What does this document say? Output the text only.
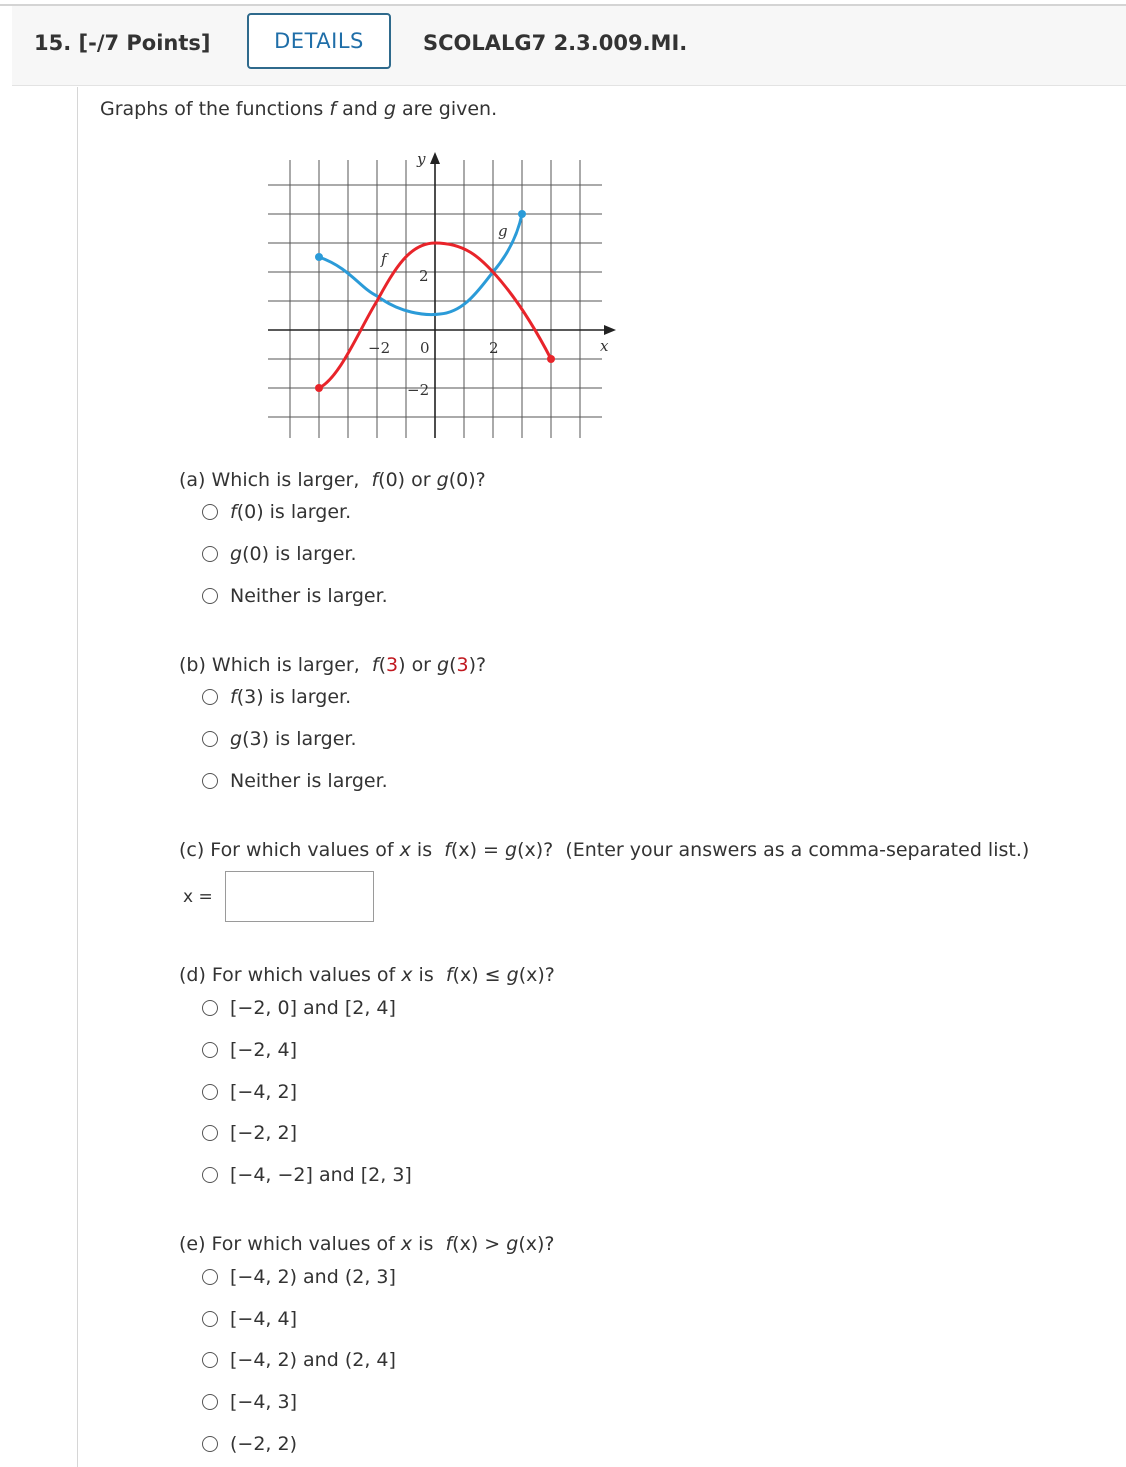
15. [-/7 Points]	DETAILS	SCOLALG7 2.3.009.MI.
Graphs of the functions f and g are given.
y
x
−2 0	2
2
−2
f
g
(a) Which is larger, f(0) or g(0)?
f (0) is larger.
g (0) is larger.
Neither is larger.
(b) Which is larger, f(3) or g(3)?
f (3) is larger.
g (3) is larger.
Neither is larger.
(c) For which values of x is f(x) = g(x)? (Enter your answers as a comma-separated list.)
x =
(d) For which values of x is f(x) ≤ g(x)?
[−2, 0] and [2, 4]
[−2, 4]
[−4, 2]
[−2, 2]
[−4, −2] and [2, 3]
(e) For which values of x is f(x) > g(x)?
[−4, 2) and (2, 3]
[−4, 4]
[−4, 2) and (2, 4]
[−4, 3]
(−2, 2)
